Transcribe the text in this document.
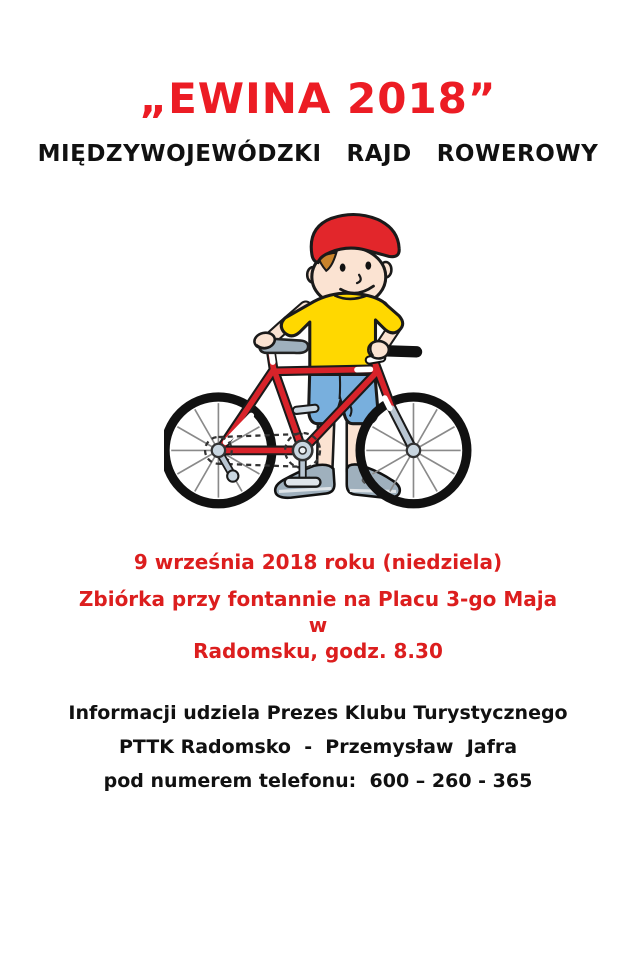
„EWINA 2018”
MIĘDZYWOJEWÓDZKI  RAJD  ROWEROWY
9 września 2018 roku (niedziela)
Zbiórka przy fontannie na Placu 3-go Maja w
Radomsku, godz. 8.30

Informacji udziela Prezes Klubu Turystycznego

PTTK Radomsko  -  Przemysław  Jafra

pod numerem telefonu:  600 – 260 - 365
